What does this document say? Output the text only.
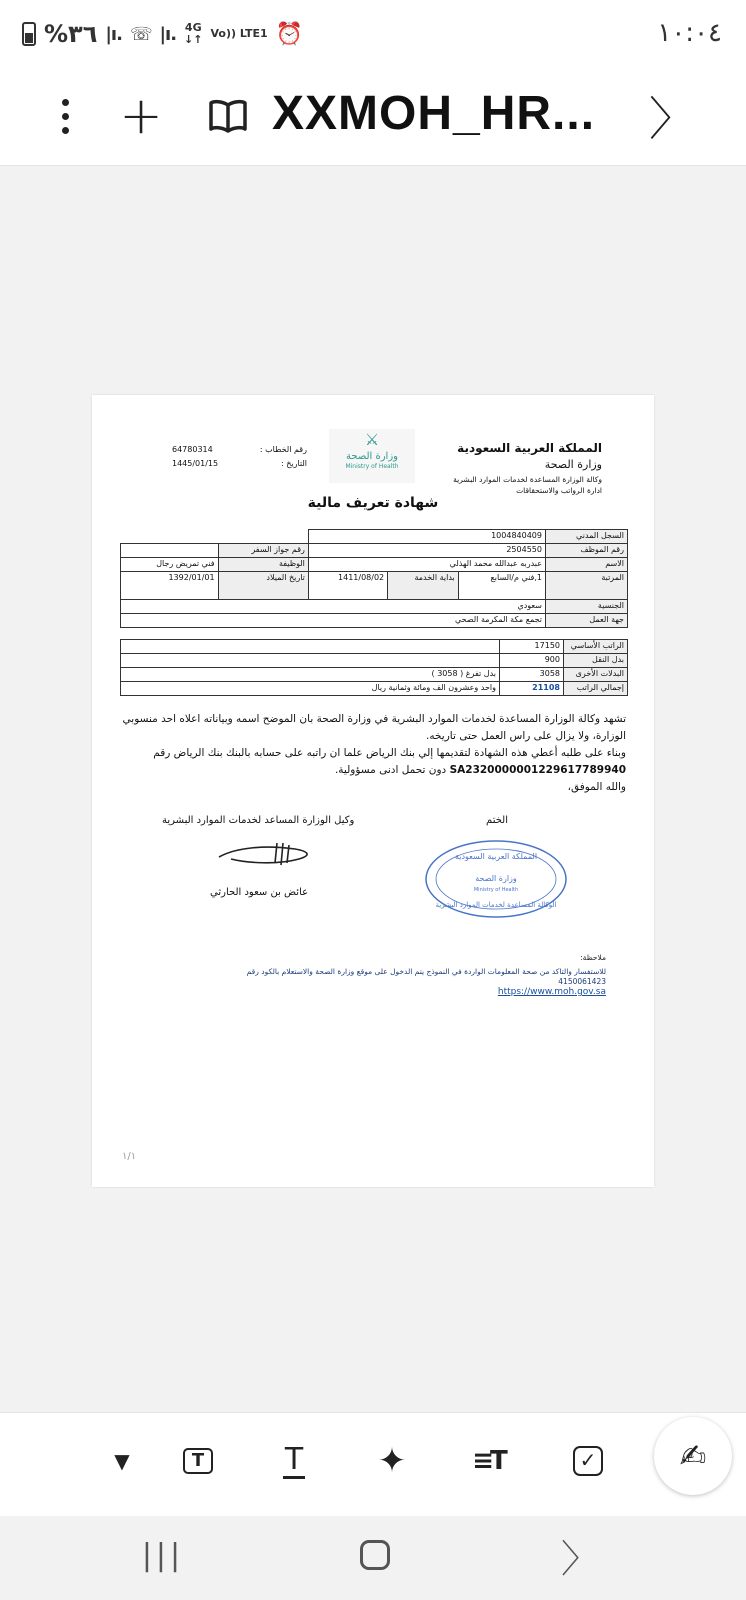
%٣٦ |ı. ☏ |ı. 4G
↓↑ Vo)) LTE1 ⏰	١٠:٠٤
+ XXMOH_HR... 〉
المملكة العربية السعودية
وزارة الصحة
وكالة الوزارة المساعدة لخدمات الموارد البشرية
ادارة الرواتب والاستحقاقات
⚔
وزارة الصحة
Ministry of Health
رقم الخطاب :
64780314
التاريخ :
1445/01/15
شهادة تعريف مالية
السجل المدني	1004840409				
رقم الموظف	2504550			رقم جواز السفر	
الاسم	عبدربه عبدالله محمد الهذلي			الوظيفة	فني تمريض رجال
المرتبة	1,فني م/السابع	بداية الخدمة	1411/08/02	تاريخ الميلاد	1392/01/01
الجنسية	سعودي				
جهة العمل	تجمع مكة المكرمة الصحي				
الراتب الأساسي	17150	
بدل النقل	900	
البدلات الأخرى	3058	بدل تفرغ ( 3058 )
إجمالي الراتب	21108	واحد وعشرون الف ومائة وثمانية ريال
تشهد وكالة الوزارة المساعدة لخدمات الموارد البشرية في وزارة الصحة بان الموضح اسمه وبياناته اعلاه احد منسوبي الوزارة، ولا يزال على راس العمل حتى تاريخه.
وبناء على طلبه أعطي هذه الشهادة لتقديمها إلي بنك الرياض علما ان راتبه على حسابه بالبنك بنك الرياض رقم SA2320000001229617789940 دون تحمل ادنى مسؤولية.
والله الموفق،
الختم
وكيل الوزارة المساعد لخدمات الموارد البشرية
المملكة العربية السعودية
وزارة الصحة
Ministry of Health
الوكالة المساعدة لخدمات الموارد البشرية
عائض بن سعود الحارثي
ملاحظة:
للاستفسار والتاكد من صحة المعلومات الواردة في النموذج يتم الدخول على موقع وزارة الصحة والاستعلام بالكود رقم
4150061423
https://www.moh.gov.sa
١/١
▼	T	T ✦	≡T	✓	✍
|||	〉
